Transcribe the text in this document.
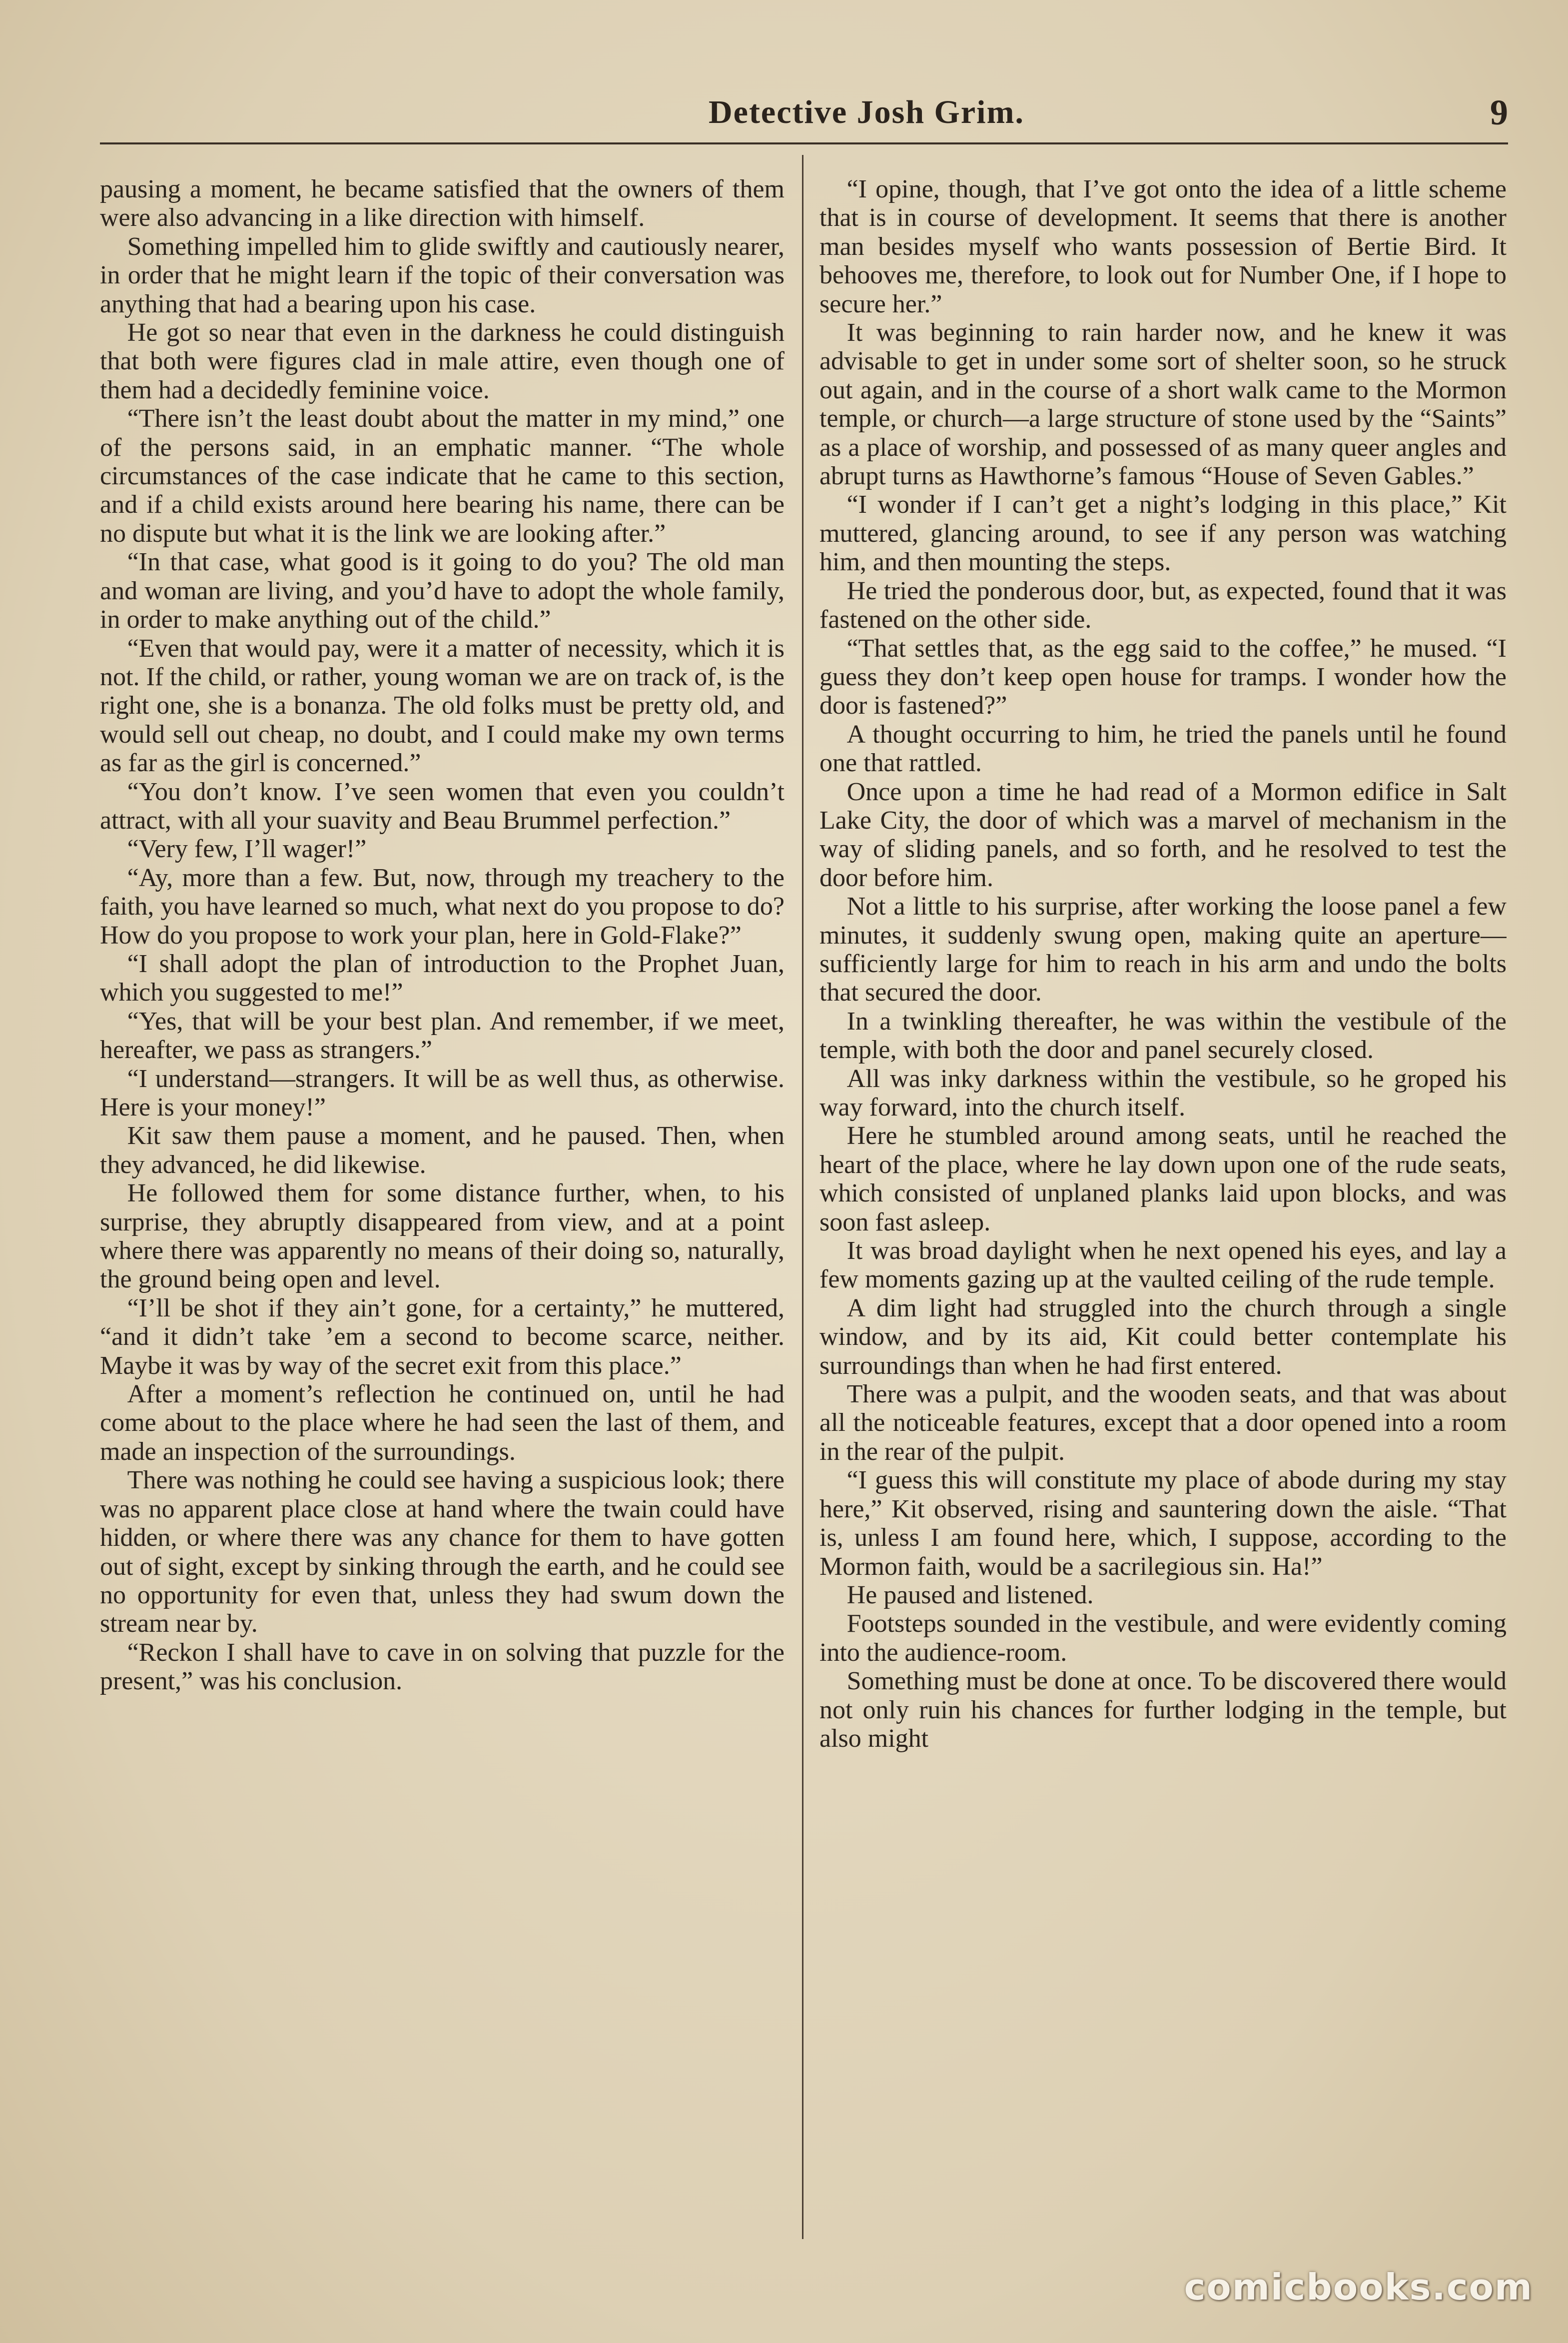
Detective Josh Grim.	9

pausing a moment, he became satisfied that the owners of them were also advancing in a like direction with himself.

Something impelled him to glide swiftly and cautiously nearer, in order that he might learn if the topic of their conversation was anything that had a bearing upon his case.

He got so near that even in the darkness he could distinguish that both were figures clad in male attire, even though one of them had a decidedly feminine voice.

“There isn’t the least doubt about the matter in my mind,” one of the persons said, in an emphatic manner. “The whole circumstances of the case indicate that he came to this section, and if a child exists around here bearing his name, there can be no dispute but what it is the link we are looking after.”

“In that case, what good is it going to do you? The old man and woman are living, and you’d have to adopt the whole family, in order to make anything out of the child.”

“Even that would pay, were it a matter of necessity, which it is not. If the child, or rather, young woman we are on track of, is the right one, she is a bonanza. The old folks must be pretty old, and would sell out cheap, no doubt, and I could make my own terms as far as the girl is concerned.”

“You don’t know. I’ve seen women that even you couldn’t attract, with all your suavity and Beau Brummel perfection.”

“Very few, I’ll wager!”

“Ay, more than a few. But, now, through my treachery to the faith, you have learned so much, what next do you propose to do? How do you propose to work your plan, here in Gold-Flake?”

“I shall adopt the plan of introduction to the Prophet Juan, which you suggested to me!”

“Yes, that will be your best plan. And remember, if we meet, hereafter, we pass as strangers.”

“I understand—strangers. It will be as well thus, as otherwise. Here is your money!”

Kit saw them pause a moment, and he paused. Then, when they advanced, he did likewise.

He followed them for some distance further, when, to his surprise, they abruptly disappeared from view, and at a point where there was apparently no means of their doing so, naturally, the ground being open and level.

“I’ll be shot if they ain’t gone, for a certainty,” he muttered, “and it didn’t take ’em a second to become scarce, neither. Maybe it was by way of the secret exit from this place.”

After a moment’s reflection he continued on, until he had come about to the place where he had seen the last of them, and made an inspection of the surroundings.

There was nothing he could see having a suspicious look; there was no apparent place close at hand where the twain could have hidden, or where there was any chance for them to have gotten out of sight, except by sinking through the earth, and he could see no opportunity for even that, unless they had swum down the stream near by.

“Reckon I shall have to cave in on solving that puzzle for the present,” was his conclusion.

“I opine, though, that I’ve got onto the idea of a little scheme that is in course of development. It seems that there is another man besides myself who wants possession of Bertie Bird. It behooves me, therefore, to look out for Number One, if I hope to secure her.”

It was beginning to rain harder now, and he knew it was advisable to get in under some sort of shelter soon, so he struck out again, and in the course of a short walk came to the Mormon temple, or church—a large structure of stone used by the “Saints” as a place of worship, and possessed of as many queer angles and abrupt turns as Hawthorne’s famous “House of Seven Gables.”

“I wonder if I can’t get a night’s lodging in this place,” Kit muttered, glancing around, to see if any person was watching him, and then mounting the steps.

He tried the ponderous door, but, as expected, found that it was fastened on the other side.

“That settles that, as the egg said to the coffee,” he mused. “I guess they don’t keep open house for tramps. I wonder how the door is fastened?”

A thought occurring to him, he tried the panels until he found one that rattled.

Once upon a time he had read of a Mormon edifice in Salt Lake City, the door of which was a marvel of mechanism in the way of sliding panels, and so forth, and he resolved to test the door before him.

Not a little to his surprise, after working the loose panel a few minutes, it suddenly swung open, making quite an aperture—sufficiently large for him to reach in his arm and undo the bolts that secured the door.

In a twinkling thereafter, he was within the vestibule of the temple, with both the door and panel securely closed.

All was inky darkness within the vestibule, so he groped his way forward, into the church itself.

Here he stumbled around among seats, until he reached the heart of the place, where he lay down upon one of the rude seats, which consisted of unplaned planks laid upon blocks, and was soon fast asleep.

It was broad daylight when he next opened his eyes, and lay a few moments gazing up at the vaulted ceiling of the rude temple.

A dim light had struggled into the church through a single window, and by its aid, Kit could better contemplate his surroundings than when he had first entered.

There was a pulpit, and the wooden seats, and that was about all the noticeable features, except that a door opened into a room in the rear of the pulpit.

“I guess this will constitute my place of abode during my stay here,” Kit observed, rising and sauntering down the aisle. “That is, unless I am found here, which, I suppose, according to the Mormon faith, would be a sacrilegious sin. Ha!”

He paused and listened.

Footsteps sounded in the vestibule, and were evidently coming into the audience-room.

Something must be done at once. To be discovered there would not only ruin his chances for further lodging in the temple, but also might

comicbooks.com
